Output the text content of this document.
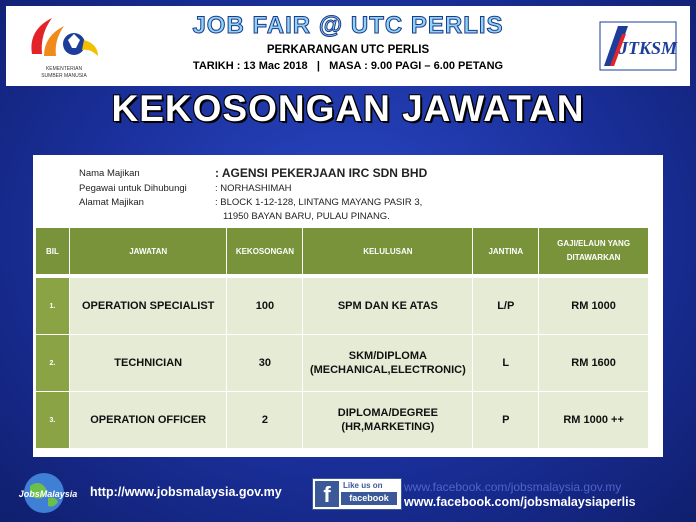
KEMENTERIAN
SUMBER MANUSIA
JOB FAIR @ UTC PERLIS
PERKARANGAN UTC PERLIS
TARIKH : 13 Mac 2018   |   MASA : 9.00 PAGI – 6.00 PETANG
JTKSM
KEKOSONGAN JAWATAN
Nama Majikan	: AGENSI PEKERJAAN IRC SDN BHD
Pegawai untuk Dihubungi	: NORHASHIMAH
Alamat Majikan	: BLOCK 1-12-128, LINTANG MAYANG PASIR 3,
11950 BAYAN BARU, PULAU PINANG.
BIL	JAWATAN	KEKOSONGAN	KELULUSAN	JANTINA	GAJI/ELAUN YANG
DITAWARKAN

1.	OPERATION SPECIALIST	100	SPM DAN KE ATAS	L/P	RM 1000
2.	TECHNICIAN	30	SKM/DIPLOMA
(MECHANICAL,ELECTRONIC)	L	RM 1600
3.	OPERATION OFFICER	2	DIPLOMA/DEGREE
(HR,MARKETING)	P	RM 1000 ++
JobsMalaysia http://www.jobsmalaysia.gov.my	f	Like us on
facebook
www.facebook.com/jobsmalaysia.gov.my
www.facebook.com/jobsmalaysiaperlis
